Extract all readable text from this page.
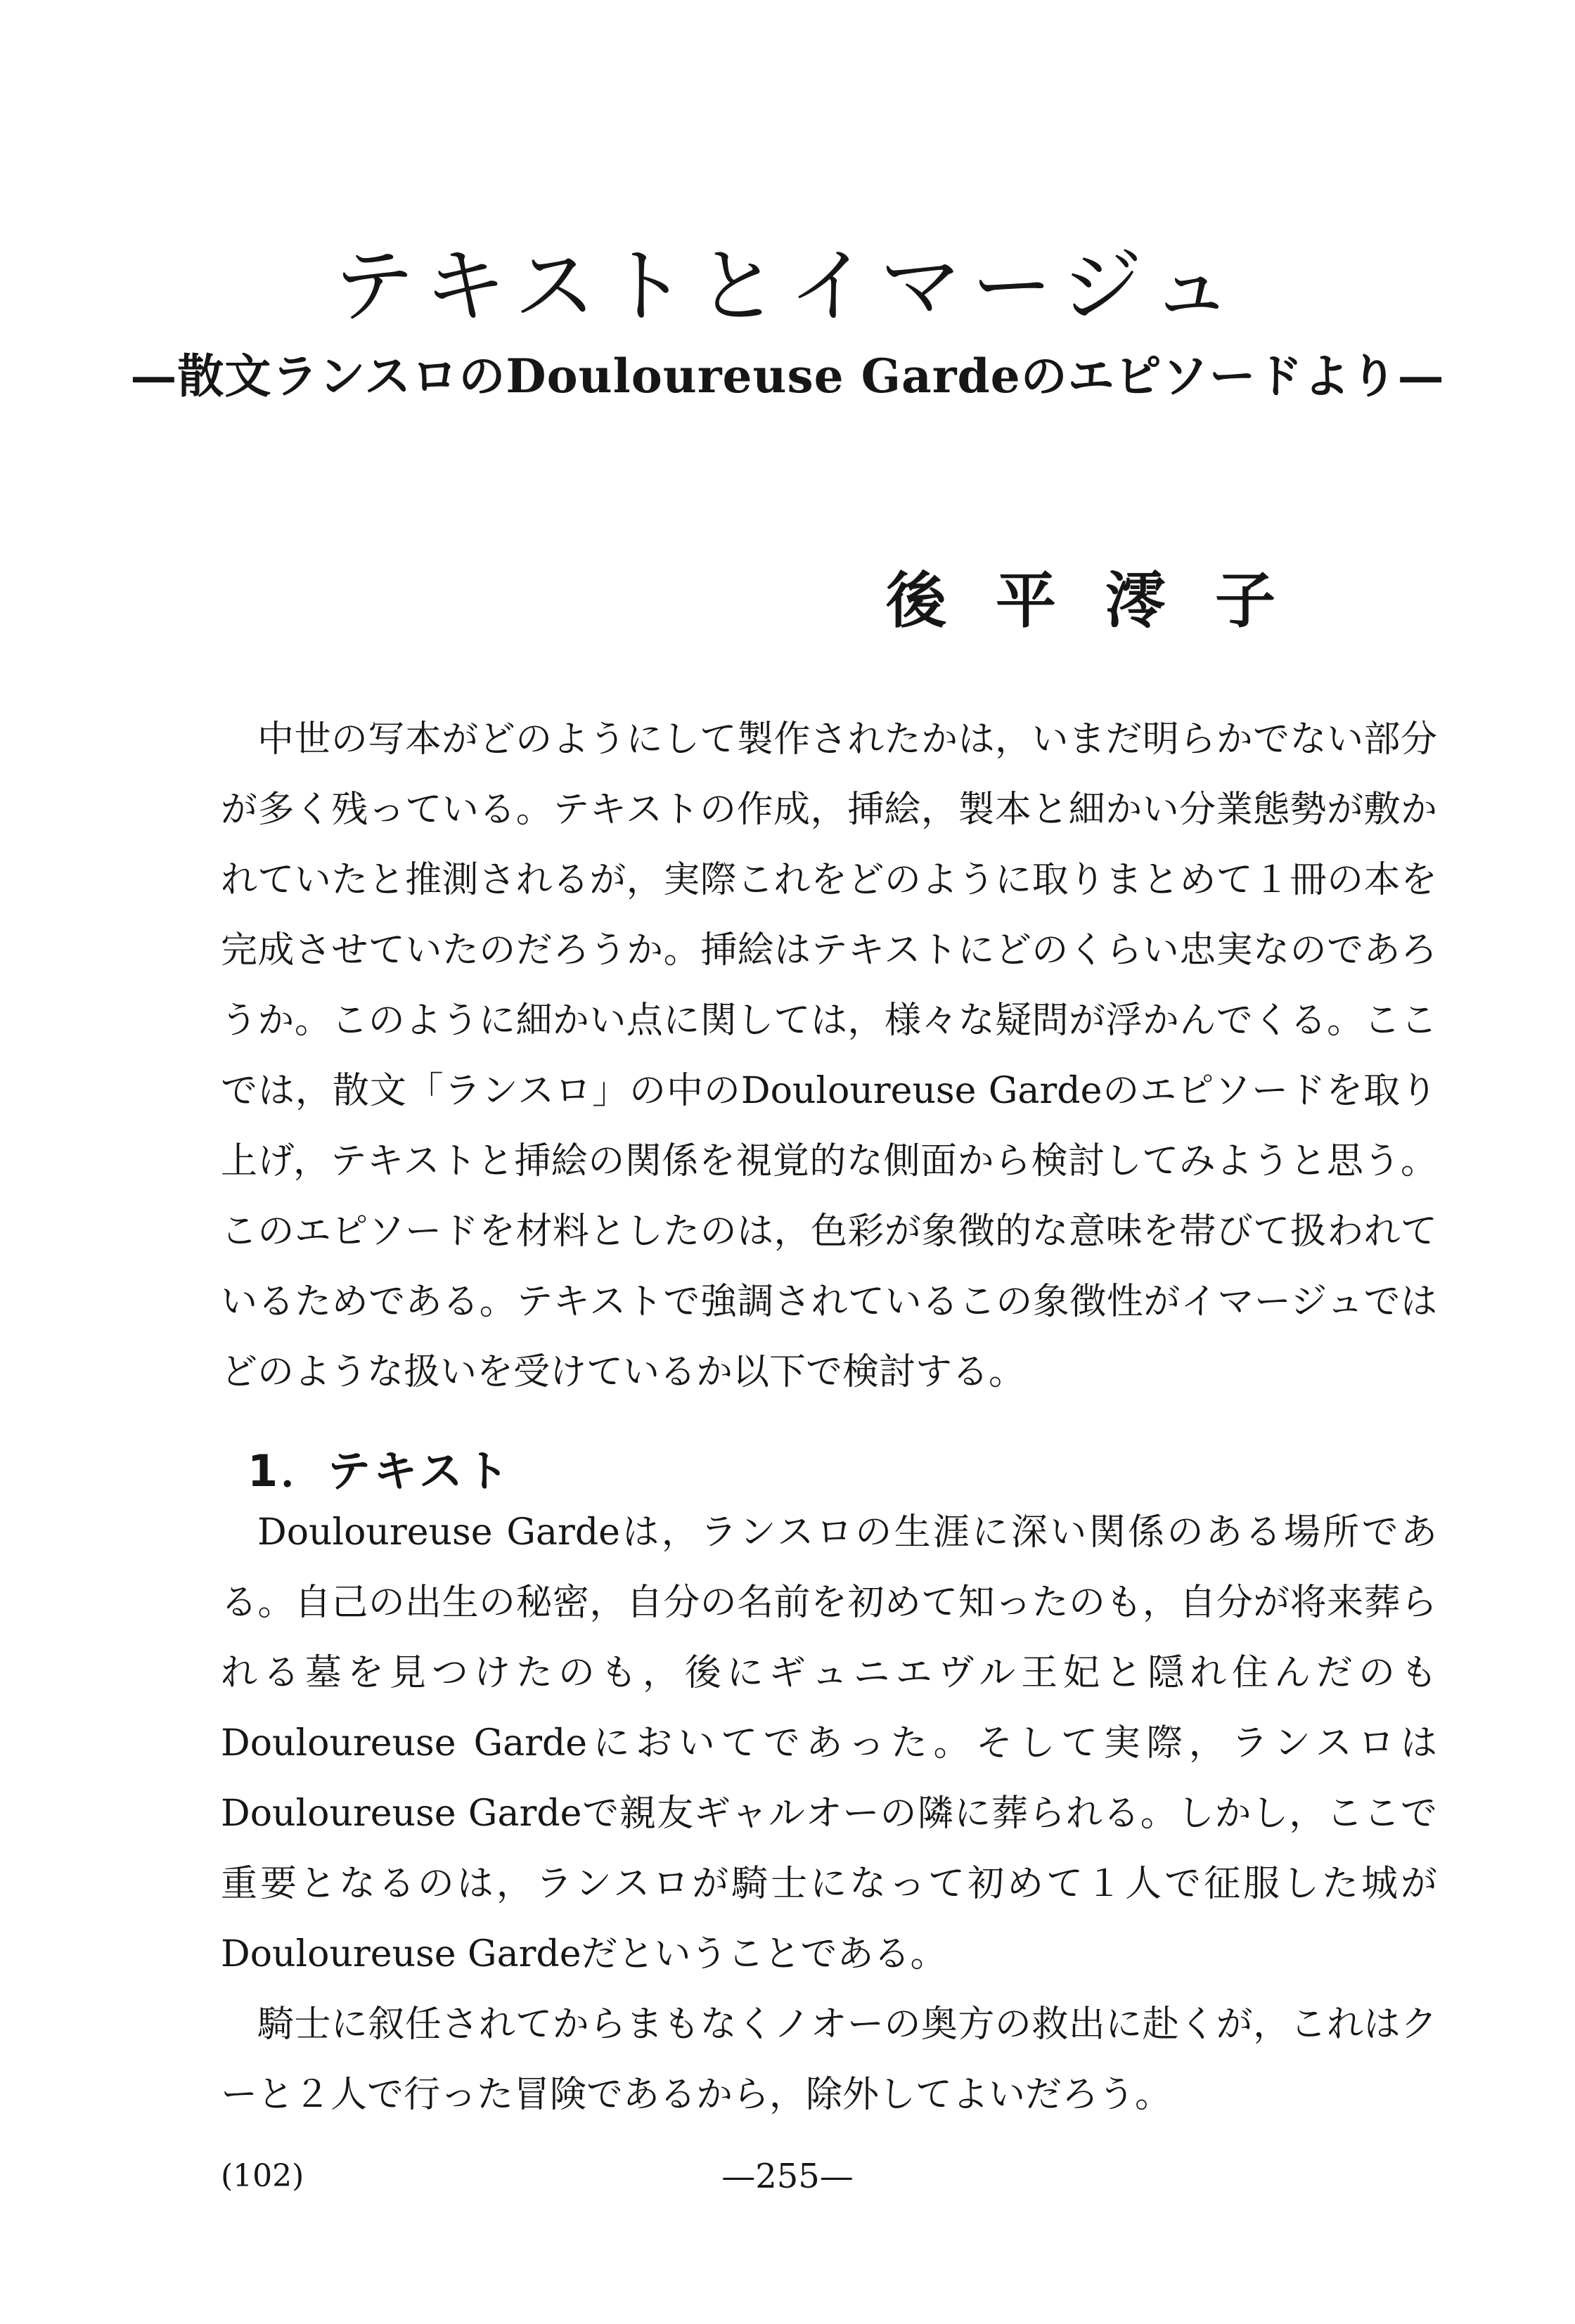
テキストとイマージュ
—散文ランスロのDouloureuse Gardeのエピソードより—
後平澪子

中世の写本がどのようにして製作されたかは，いまだ明らかでない部分が多く残っている。テキストの作成，挿絵，製本と細かい分業態勢が敷かれていたと推測されるが，実際これをどのように取りまとめて１冊の本を完成させていたのだろうか。挿絵はテキストにどのくらい忠実なのであろうか。このように細かい点に関しては，様々な疑問が浮かんでくる。ここでは，散文「ランスロ」の中のDouloureuse Gardeのエピソードを取り上げ，テキストと挿絵の関係を視覚的な側面から検討してみようと思う。このエピソードを材料としたのは，色彩が象徴的な意味を帯びて扱われているためである。テキストで強調されているこの象徴性がイマージュではどのような扱いを受けているか以下で検討する。

1．テキスト

Douloureuse Gardeは，ランスロの生涯に深い関係のある場所である。自己の出生の秘密，自分の名前を初めて知ったのも，自分が将来葬られる墓を見つけたのも，後にギュニエヴル王妃と隠れ住んだのもDouloureuse Gardeにおいてであった。そして実際，ランスロはDouloureuse Gardeで親友ギャルオーの隣に葬られる。しかし，ここで重要となるのは，ランスロが騎士になって初めて１人で征服した城がDouloureuse Gardeだということである。

騎士に叙任されてからまもなくノオーの奥方の救出に赴くが，これはクーと２人で行った冒険であるから，除外してよいだろう。

(102)	—255—
